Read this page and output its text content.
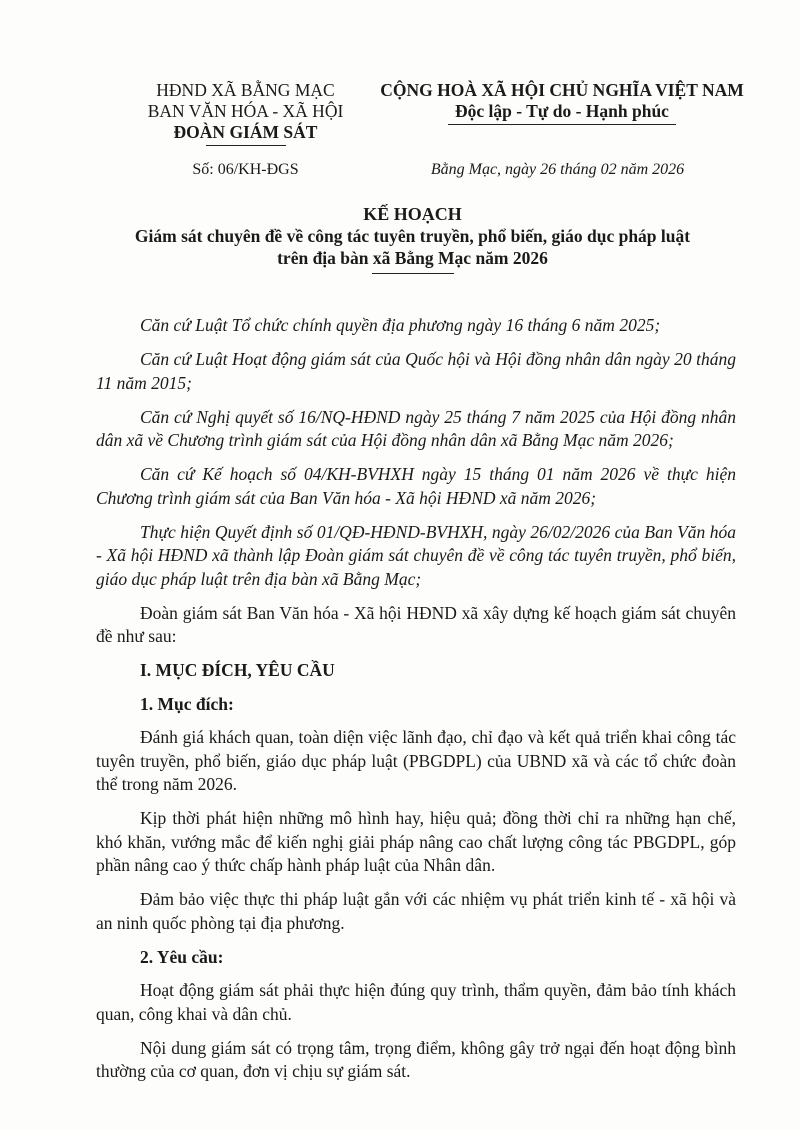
HĐND XÃ BẰNG MẠC
BAN VĂN HÓA - XÃ HỘI
ĐOÀN GIÁM SÁT
CỘNG HOÀ XÃ HỘI CHỦ NGHĨA VIỆT NAM
Độc lập - Tự do - Hạnh phúc
Số: 06/KH-ĐGS	Bằng Mạc, ngày 26 tháng 02 năm 2026
KẾ HOẠCH
Giám sát chuyên đề về công tác tuyên truyền, phổ biến, giáo dục pháp luật
trên địa bàn xã Bằng Mạc năm 2026

Căn cứ Luật Tổ chức chính quyền địa phương ngày 16 tháng 6 năm 2025;

Căn cứ Luật Hoạt động giám sát của Quốc hội và Hội đồng nhân dân ngày 20 tháng 11 năm 2015;

Căn cứ Nghị quyết số 16/NQ-HĐND ngày 25 tháng 7 năm 2025 của Hội đồng nhân dân xã về Chương trình giám sát của Hội đồng nhân dân xã Bằng Mạc năm 2026;

Căn cứ Kế hoạch số 04/KH-BVHXH ngày 15 tháng 01 năm 2026 về thực hiện Chương trình giám sát của Ban Văn hóa - Xã hội HĐND xã năm 2026;

Thực hiện Quyết định số 01/QĐ-HĐND-BVHXH, ngày 26/02/2026 của Ban Văn hóa - Xã hội HĐND xã thành lập Đoàn giám sát chuyên đề về công tác tuyên truyền, phổ biến, giáo dục pháp luật trên địa bàn xã Bằng Mạc;

Đoàn giám sát Ban Văn hóa - Xã hội HĐND xã xây dựng kế hoạch giám sát chuyên đề như sau:

I. MỤC ĐÍCH, YÊU CẦU

1. Mục đích:

Đánh giá khách quan, toàn diện việc lãnh đạo, chỉ đạo và kết quả triển khai công tác tuyên truyền, phổ biến, giáo dục pháp luật (PBGDPL) của UBND xã và các tổ chức đoàn thể trong năm 2026.

Kịp thời phát hiện những mô hình hay, hiệu quả; đồng thời chỉ ra những hạn chế, khó khăn, vướng mắc để kiến nghị giải pháp nâng cao chất lượng công tác PBGDPL, góp phần nâng cao ý thức chấp hành pháp luật của Nhân dân.

Đảm bảo việc thực thi pháp luật gắn với các nhiệm vụ phát triển kinh tế - xã hội và an ninh quốc phòng tại địa phương.

2. Yêu cầu:

Hoạt động giám sát phải thực hiện đúng quy trình, thẩm quyền, đảm bảo tính khách quan, công khai và dân chủ.

Nội dung giám sát có trọng tâm, trọng điểm, không gây trở ngại đến hoạt động bình thường của cơ quan, đơn vị chịu sự giám sát.
